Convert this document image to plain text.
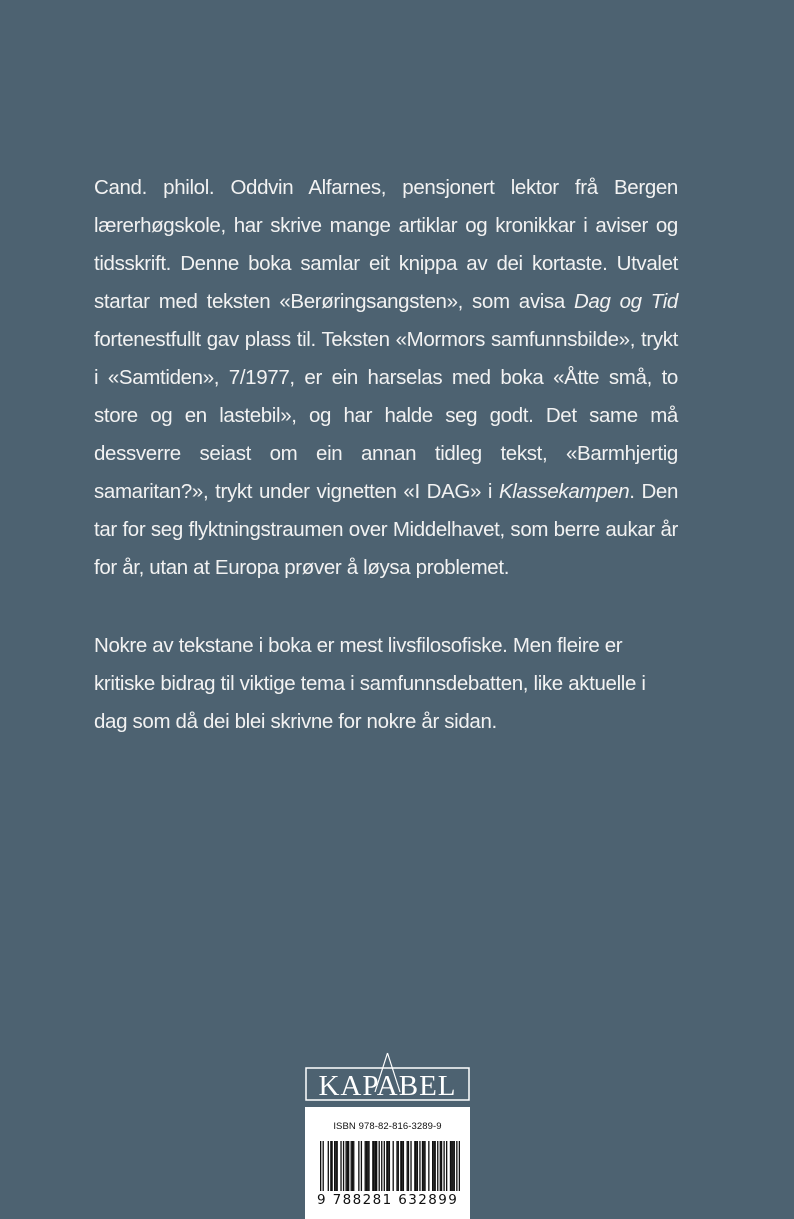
Cand. philol. Oddvin Alfarnes, pensjonert lektor frå Bergen lærerhøgskole, har skrive mange artiklar og kronikkar i aviser og tidsskrift. Denne boka samlar eit knippa av dei kortaste. Utvalet startar med teksten «Berøringsangsten», som avisa Dag og Tid fortenestfullt gav plass til. Teksten «Mormors samfunnsbilde», trykt i «Samtiden», 7/1977, er ein harselas med boka «Åtte små, to store og en lastebil», og har halde seg godt. Det same må dessverre seiast om ein annan tidleg tekst, «Barmhjertig samaritan?», trykt under vignetten «I DAG» i Klassekampen. Den tar for seg flyktningstraumen over Middelhavet, som berre aukar år for år, utan at Europa prøver å løysa problemet.
Nokre av tekstane i boka er mest livsfilosofiske. Men fleire er kritiske bidrag til viktige tema i samfunnsdebatten, like aktuelle i dag som då dei blei skrivne for nokre år sidan.
KAPABEL
ISBN 978-82-816-3289-9
9 788281 632899
